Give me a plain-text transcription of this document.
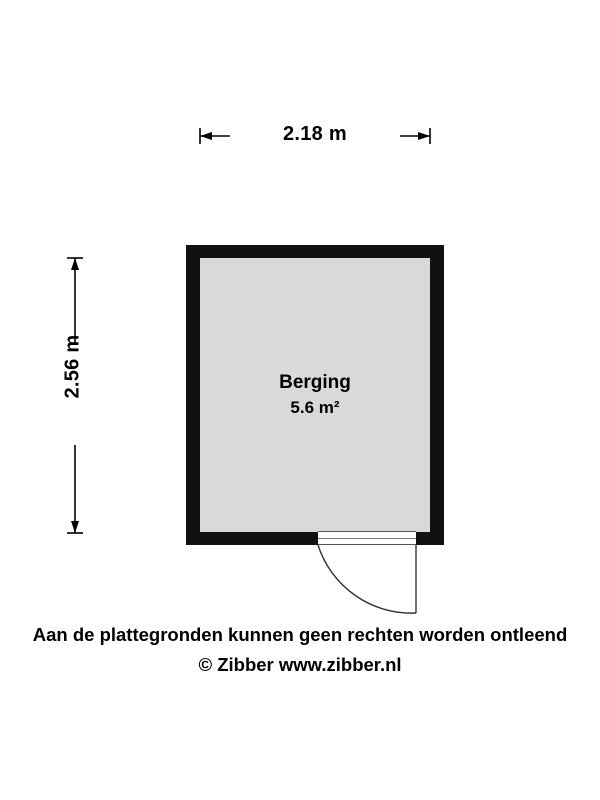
2.18 m
2.56 m	Berging
5.6 m²
Aan de plattegronden kunnen geen rechten worden ontleend
© Zibber www.zibber.nl
